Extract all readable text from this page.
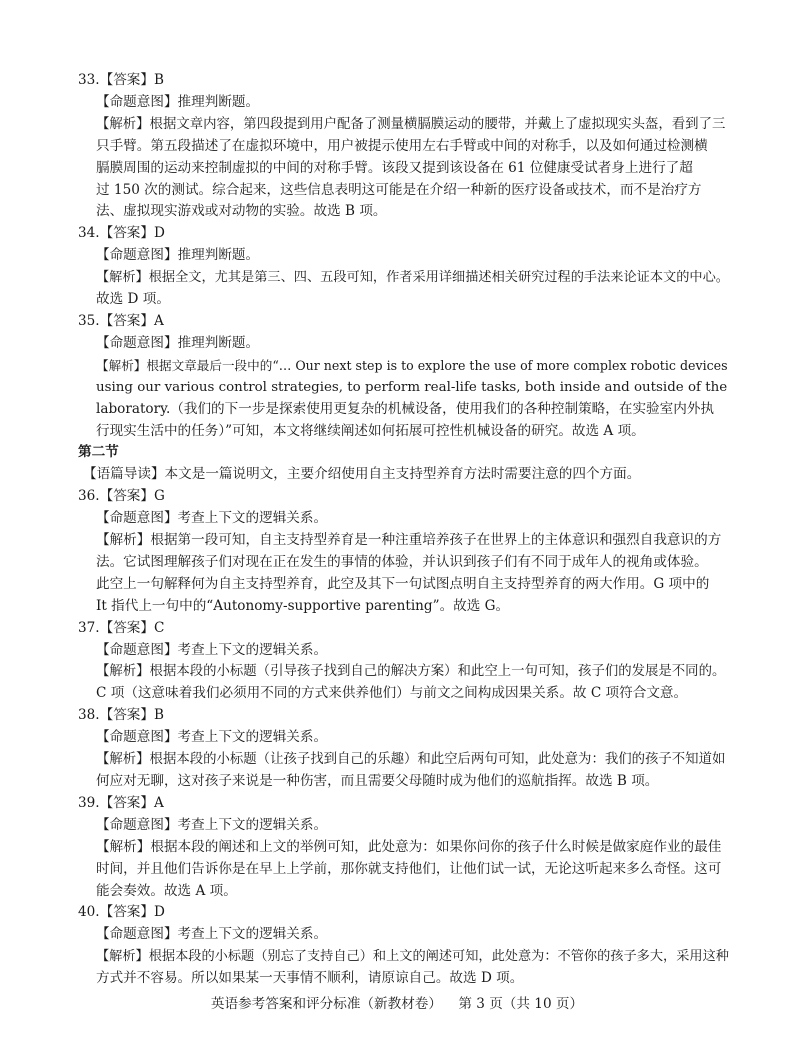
33.【答案】B
【命题意图】推理判断题。
【解析】根据文章内容，第四段提到用户配备了测量横膈膜运动的腰带，并戴上了虚拟现实头盔，看到了三
只手臂。第五段描述了在虚拟环境中，用户被提示使用左右手臂或中间的对称手，以及如何通过检测横
膈膜周围的运动来控制虚拟的中间的对称手臂。该段又提到该设备在 61 位健康受试者身上进行了超
过 150 次的测试。综合起来，这些信息表明这可能是在介绍一种新的医疗设备或技术，而不是治疗方
法、虚拟现实游戏或对动物的实验。故选 B 项。
34.【答案】D
【命题意图】推理判断题。
【解析】根据全文，尤其是第三、四、五段可知，作者采用详细描述相关研究过程的手法来论证本文的中心。
故选 D 项。
35.【答案】A
【命题意图】推理判断题。
【解析】根据文章最后一段中的“… Our next step is to explore the use of more complex robotic devices
using our various control strategies, to perform real-life tasks, both inside and outside of the
laboratory.（我们的下一步是探索使用更复杂的机械设备，使用我们的各种控制策略，在实验室内外执
行现实生活中的任务）”可知，本文将继续阐述如何拓展可控性机械设备的研究。故选 A 项。
第二节
【语篇导读】本文是一篇说明文，主要介绍使用自主支持型养育方法时需要注意的四个方面。
36.【答案】G
【命题意图】考查上下文的逻辑关系。
【解析】根据第一段可知，自主支持型养育是一种注重培养孩子在世界上的主体意识和强烈自我意识的方
法。它试图理解孩子们对现在正在发生的事情的体验，并认识到孩子们有不同于成年人的视角或体验。
此空上一句解释何为自主支持型养育，此空及其下一句试图点明自主支持型养育的两大作用。G 项中的
It 指代上一句中的“Autonomy-supportive parenting”。故选 G。
37.【答案】C
【命题意图】考查上下文的逻辑关系。
【解析】根据本段的小标题（引导孩子找到自己的解决方案）和此空上一句可知，孩子们的发展是不同的。
C 项（这意味着我们必须用不同的方式来供养他们）与前文之间构成因果关系。故 C 项符合文意。
38.【答案】B
【命题意图】考查上下文的逻辑关系。
【解析】根据本段的小标题（让孩子找到自己的乐趣）和此空后两句可知，此处意为：我们的孩子不知道如
何应对无聊，这对孩子来说是一种伤害，而且需要父母随时成为他们的巡航指挥。故选 B 项。
39.【答案】A
【命题意图】考查上下文的逻辑关系。
【解析】根据本段的阐述和上文的举例可知，此处意为：如果你问你的孩子什么时候是做家庭作业的最佳
时间，并且他们告诉你是在早上上学前，那你就支持他们，让他们试一试，无论这听起来多么奇怪。这可
能会奏效。故选 A 项。
40.【答案】D
【命题意图】考查上下文的逻辑关系。
【解析】根据本段的小标题（别忘了支持自己）和上文的阐述可知，此处意为：不管你的孩子多大，采用这种
方式并不容易。所以如果某一天事情不顺利，请原谅自己。故选 D 项。
英语参考答案和评分标准（新教材卷） 第 3 页（共 10 页）
